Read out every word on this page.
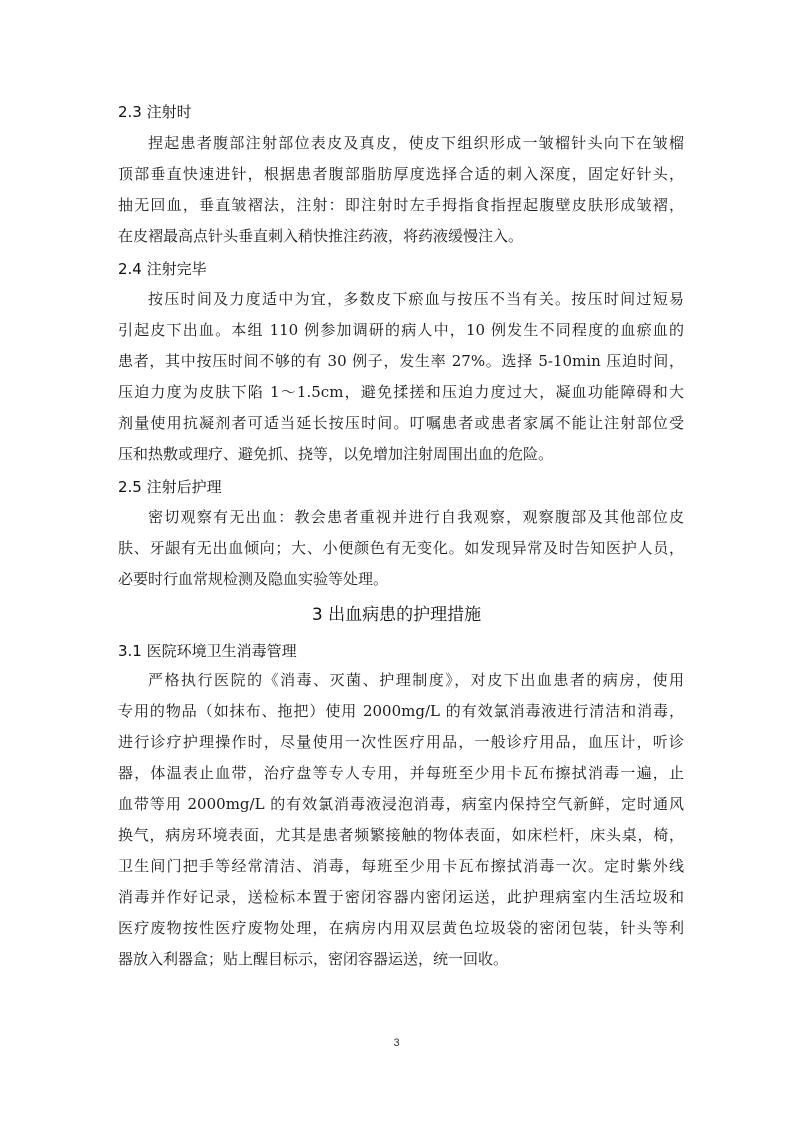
2.3 注射时
捏起患者腹部注射部位表皮及真皮，使皮下组织形成一皱榴针头向下在皱榴
顶部垂直快速进针，根据患者腹部脂肪厚度选择合适的刺入深度，固定好针头，
抽无回血，垂直皱褶法，注射：即注射时左手拇指食指捏起腹壁皮肤形成皱褶，
在皮褶最高点针头垂直刺入稍快推注药液，将药液缓慢注入。
2.4 注射完毕
按压时间及力度适中为宜，多数皮下瘀血与按压不当有关。按压时间过短易
引起皮下出血。本组 110 例参加调研的病人中，10 例发生不同程度的血瘀血的
患者，其中按压时间不够的有 30 例子，发生率 27%。选择 5-10min 压迫时间，
压迫力度为皮肤下陷 1～1.5cm，避免揉搓和压迫力度过大，凝血功能障碍和大
剂量使用抗凝剂者可适当延长按压时间。叮嘱患者或患者家属不能让注射部位受
压和热敷或理疗、避免抓、挠等，以免增加注射周围出血的危险。
2.5 注射后护理
密切观察有无出血：教会患者重视并进行自我观察，观察腹部及其他部位皮
肤、牙龈有无出血倾向；大、小便颜色有无变化。如发现异常及时告知医护人员，
必要时行血常规检测及隐血实验等处理。
3 出血病患的护理措施
3.1 医院环境卫生消毒管理
严格执行医院的《消毒、灭菌、护理制度》，对皮下出血患者的病房，使用
专用的物品（如抹布、拖把）使用 2000mg/L 的有效氯消毒液进行清洁和消毒，
进行诊疗护理操作时，尽量使用一次性医疗用品，一般诊疗用品，血压计，听诊
器，体温表止血带，治疗盘等专人专用，并每班至少用卡瓦布擦拭消毒一遍，止
血带等用 2000mg/L 的有效氯消毒液浸泡消毒，病室内保持空气新鲜，定时通风
换气，病房环境表面，尤其是患者频繁接触的物体表面，如床栏杆，床头桌，椅，
卫生间门把手等经常清洁、消毒，每班至少用卡瓦布擦拭消毒一次。定时紫外线
消毒并作好记录，送检标本置于密闭容器内密闭运送，此护理病室内生活垃圾和
医疗废物按性医疗废物处理，在病房内用双层黄色垃圾袋的密闭包装，针头等利
器放入利器盒；贴上醒目标示，密闭容器运送，统一回收。
3
